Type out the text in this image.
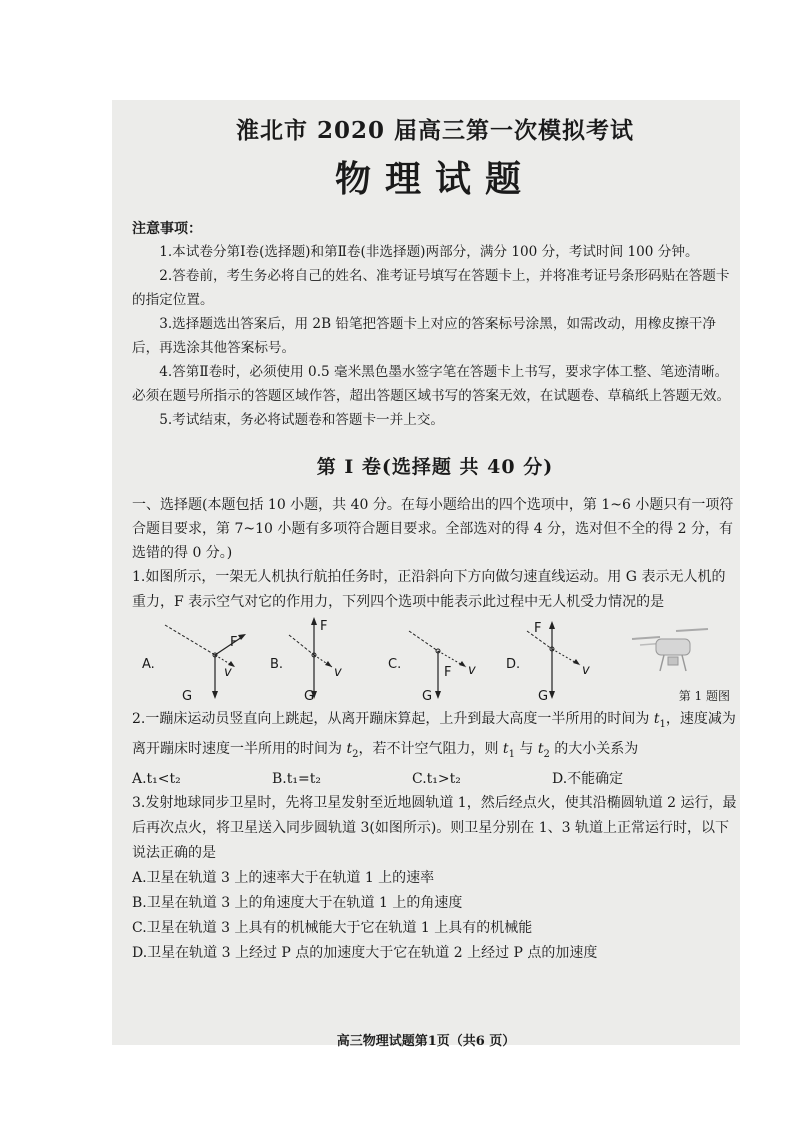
淮北市 2020 届高三第一次模拟考试
物理试题
注意事项：

1.本试卷分第Ⅰ卷(选择题)和第Ⅱ卷(非选择题)两部分，满分 100 分，考试时间 100 分钟。

2.答卷前，考生务必将自己的姓名、准考证号填写在答题卡上，并将准考证号条形码贴在答题卡的指定位置。

3.选择题选出答案后，用 2B 铅笔把答题卡上对应的答案标号涂黑，如需改动，用橡皮擦干净后，再选涂其他答案标号。

4.答第Ⅱ卷时，必须使用 0.5 毫米黑色墨水签字笔在答题卡上书写，要求字体工整、笔迹清晰。必须在题号所指示的答题区域作答，超出答题区域书写的答案无效，在试题卷、草稿纸上答题无效。

5.考试结束，务必将试题卷和答题卡一并上交。

第 Ⅰ 卷(选择题 共 40 分)

一、选择题(本题包括 10 小题，共 40 分。在每小题给出的四个选项中，第 1~6 小题只有一项符合题目要求，第 7~10 小题有多项符合题目要求。全部选对的得 4 分，选对但不全的得 2 分，有选错的得 0 分。)

1.如图所示，一架无人机执行航拍任务时，正沿斜向下方向做匀速直线运动。用 G 表示无人机的重力，F 表示空气对它的作用力，下列四个选项中能表示此过程中无人机受力情况的是

A.
F
G
v
B.
F
G
v
C.
F
G
v D.
F
G
v
第 1 题图

2.一蹦床运动员竖直向上跳起，从离开蹦床算起，上升到最大高度一半所用的时间为 $t_1$，速度减为离开蹦床时速度一半所用的时间为 $t_2$，若不计空气阻力，则 $t_1$ 与 $t_2$ 的大小关系为

A.t₁<t₂	B.t₁=t₂	C.t₁>t₂	D.不能确定

3.发射地球同步卫星时，先将卫星发射至近地圆轨道 1，然后经点火，使其沿椭圆轨道 2 运行，最后再次点火，将卫星送入同步圆轨道 3(如图所示)。则卫星分别在 1、3 轨道上正常运行时，以下说法正确的是

A.卫星在轨道 3 上的速率大于在轨道 1 上的速率

B.卫星在轨道 3 上的角速度大于在轨道 1 上的角速度

C.卫星在轨道 3 上具有的机械能大于它在轨道 1 上具有的机械能

D.卫星在轨道 3 上经过 P 点的加速度大于它在轨道 2 上经过 P 点的加速度

高三物理试题第1页（共6 页）
